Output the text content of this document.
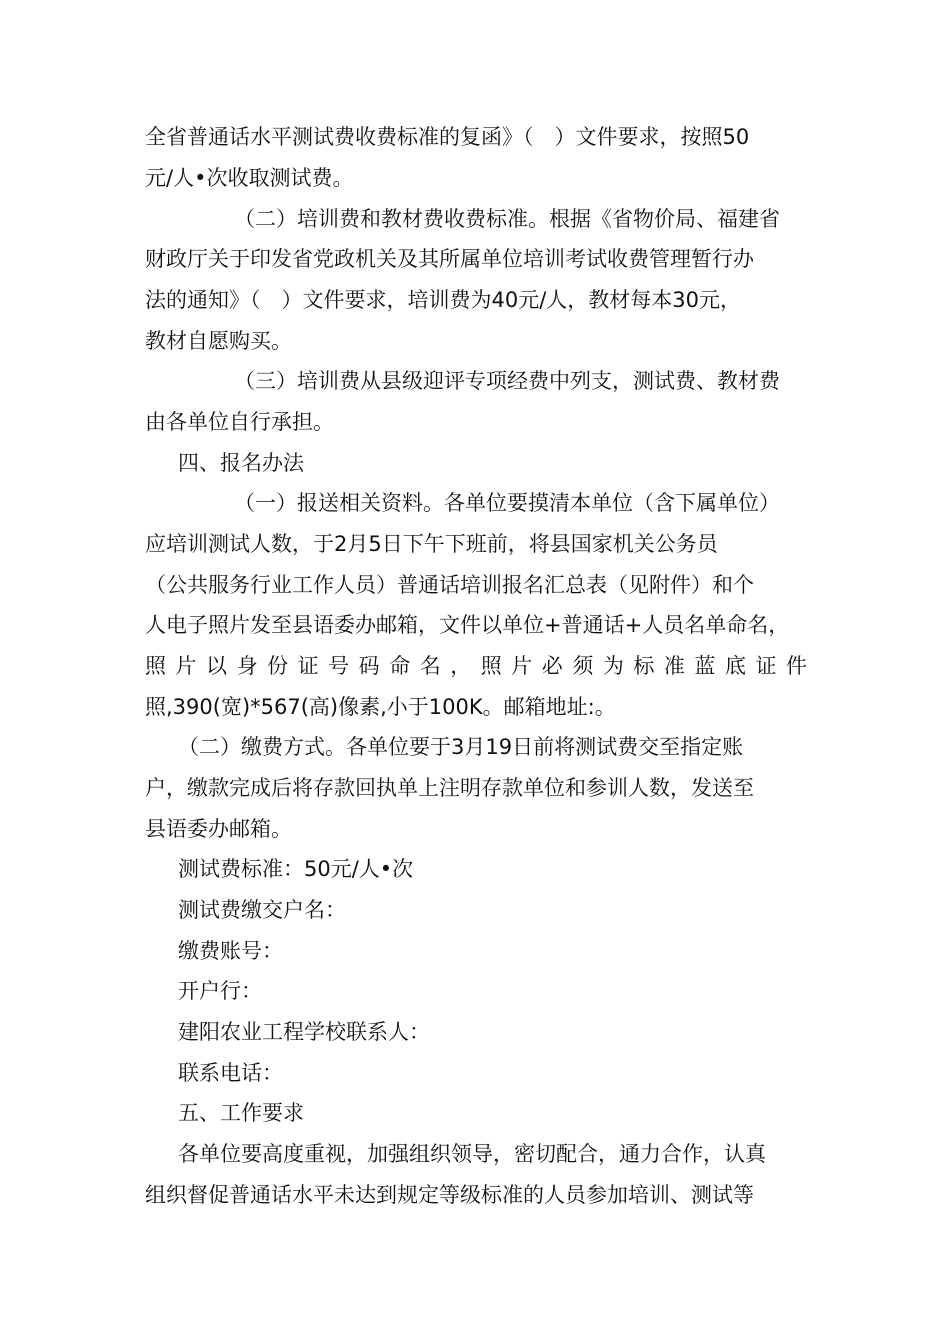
全省普通话水平测试费收费标准的复函》（　）文件要求，按照50
元/人•次收取测试费。
（二）培训费和教材费收费标准。根据《省物价局、福建省
财政厅关于印发省党政机关及其所属单位培训考试收费管理暂行办
法的通知》（　）文件要求，培训费为40元/人，教材每本30元，
教材自愿购买。
（三）培训费从县级迎评专项经费中列支，测试费、教材费
由各单位自行承担。
四、报名办法
（一）报送相关资料。各单位要摸清本单位（含下属单位）
应培训测试人数，于2月5日下午下班前，将县国家机关公务员
（公共服务行业工作人员）普通话培训报名汇总表（见附件）和个
人电子照片发至县语委办邮箱，文件以单位+普通话+人员名单命名，
照片以身份证号码命名，照片必须为标准蓝底证件
照,390(宽)*567(高)像素,小于100K。邮箱地址:。
（二）缴费方式。各单位要于3月19日前将测试费交至指定账
户，缴款完成后将存款回执单上注明存款单位和参训人数，发送至
县语委办邮箱。
测试费标准：50元/人•次
测试费缴交户名：
缴费账号：
开户行：
建阳农业工程学校联系人：
联系电话：
五、工作要求
各单位要高度重视，加强组织领导，密切配合，通力合作，认真
组织督促普通话水平未达到规定等级标准的人员参加培训、测试等
